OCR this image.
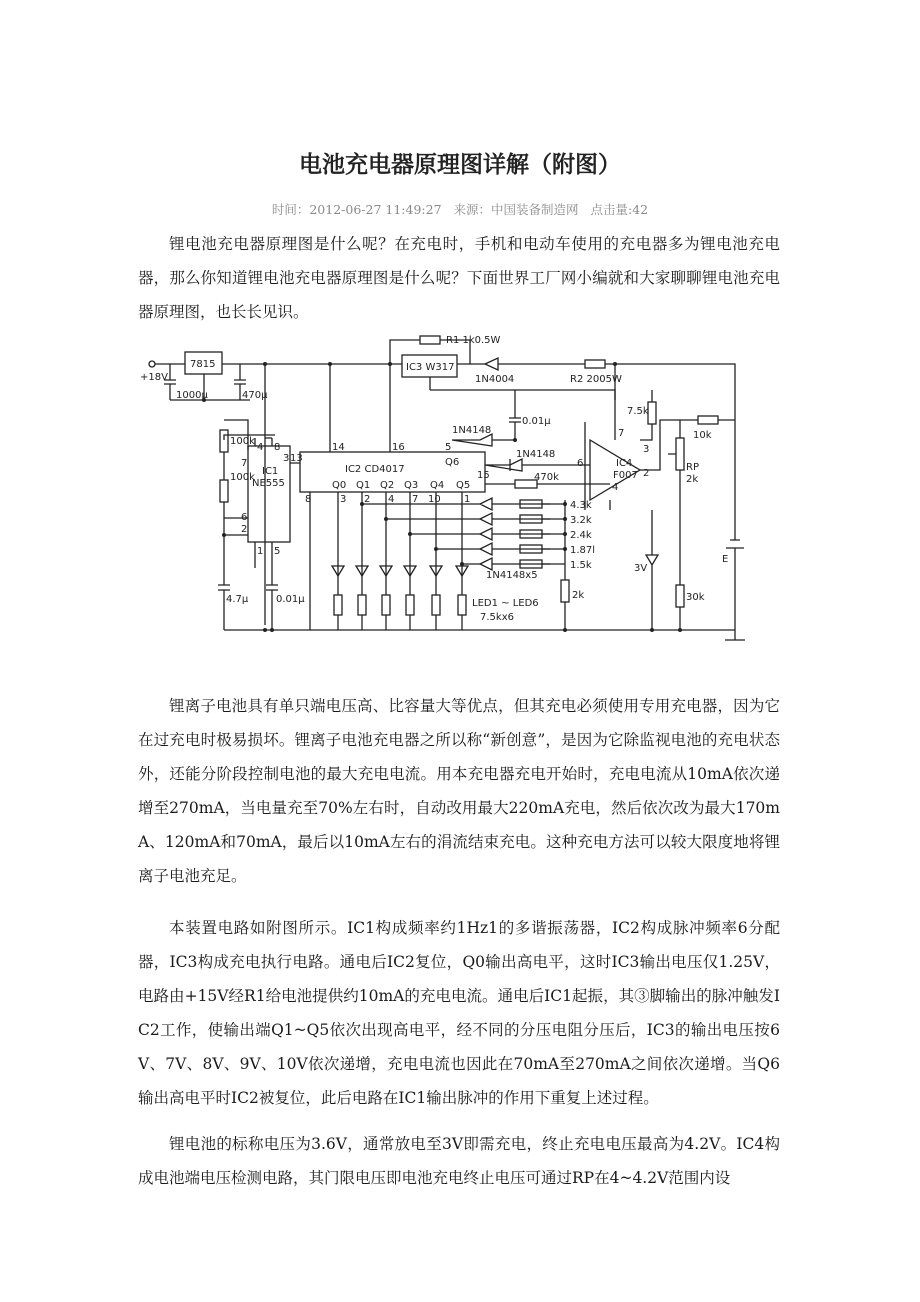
电池充电器原理图详解（附图）
时间：2012-06-27 11:49:27 来源：中国装备制造网 点击量:42

锂电池充电器原理图是什么呢？在充电时，手机和电动车使用的充电器多为锂电池充电器，那么你知道锂电池充电器原理图是什么呢？下面世界工厂网小编就和大家聊聊锂电池充电器原理图，也长长见识。

+18V
7815
1000μ	470μ
R1 1k0.5W
IC3 W317
1N4004	R2 2005W
100k
100k
IC1
NE555
IC2 CD4017
0.01μ
1N4148
1N4148
Q6
470k
7.5k
IC4
F007
10k
RP
2k
E
3V
30k
2k
4.7μ	0.01μ
1N4148x5
LED1 ~ LED6
7.5kx6
Q0 Q1 Q2 Q3 Q4 Q5
3 2 4 7 10 1
4.3k
3.2k
2.4k
1.87l
1.5k
4 8
7	3
6
2
1 5
14
13
16
15
8
5
2
3
6
4
7

锂离子电池具有单只端电压高、比容量大等优点，但其充电必须使用专用充电器，因为它在过充电时极易损坏。锂离子电池充电器之所以称“新创意”，是因为它除监视电池的充电状态外，还能分阶段控制电池的最大充电电流。用本充电器充电开始时，充电电流从10mA依次递增至270mA，当电量充至70%左右时，自动改用最大220mA充电，然后依次改为最大170mA、120mA和70mA，最后以10mA左右的涓流结束充电。这种充电方法可以较大限度地将锂离子电池充足。

本装置电路如附图所示。IC1构成频率约1Hz1的多谐振荡器，IC2构成脉冲频率6分配器，IC3构成充电执行电路。通电后IC2复位，Q0输出高电平，这时IC3输出电压仅1.25V，电路由+15V经R1给电池提供约10mA的充电电流。通电后IC1起振，其③脚输出的脉冲触发IC2工作，使输出端Q1~Q5依次出现高电平，经不同的分压电阻分压后，IC3的输出电压按6V、7V、8V、9V、10V依次递增，充电电流也因此在70mA至270mA之间依次递增。当Q6输出高电平时IC2被复位，此后电路在IC1输出脉冲的作用下重复上述过程。

锂电池的标称电压为3.6V，通常放电至3V即需充电，终止充电电压最高为4.2V。IC4构成电池端电压检测电路，其门限电压即电池充电终止电压可通过RP在4~4.2V范围内设
